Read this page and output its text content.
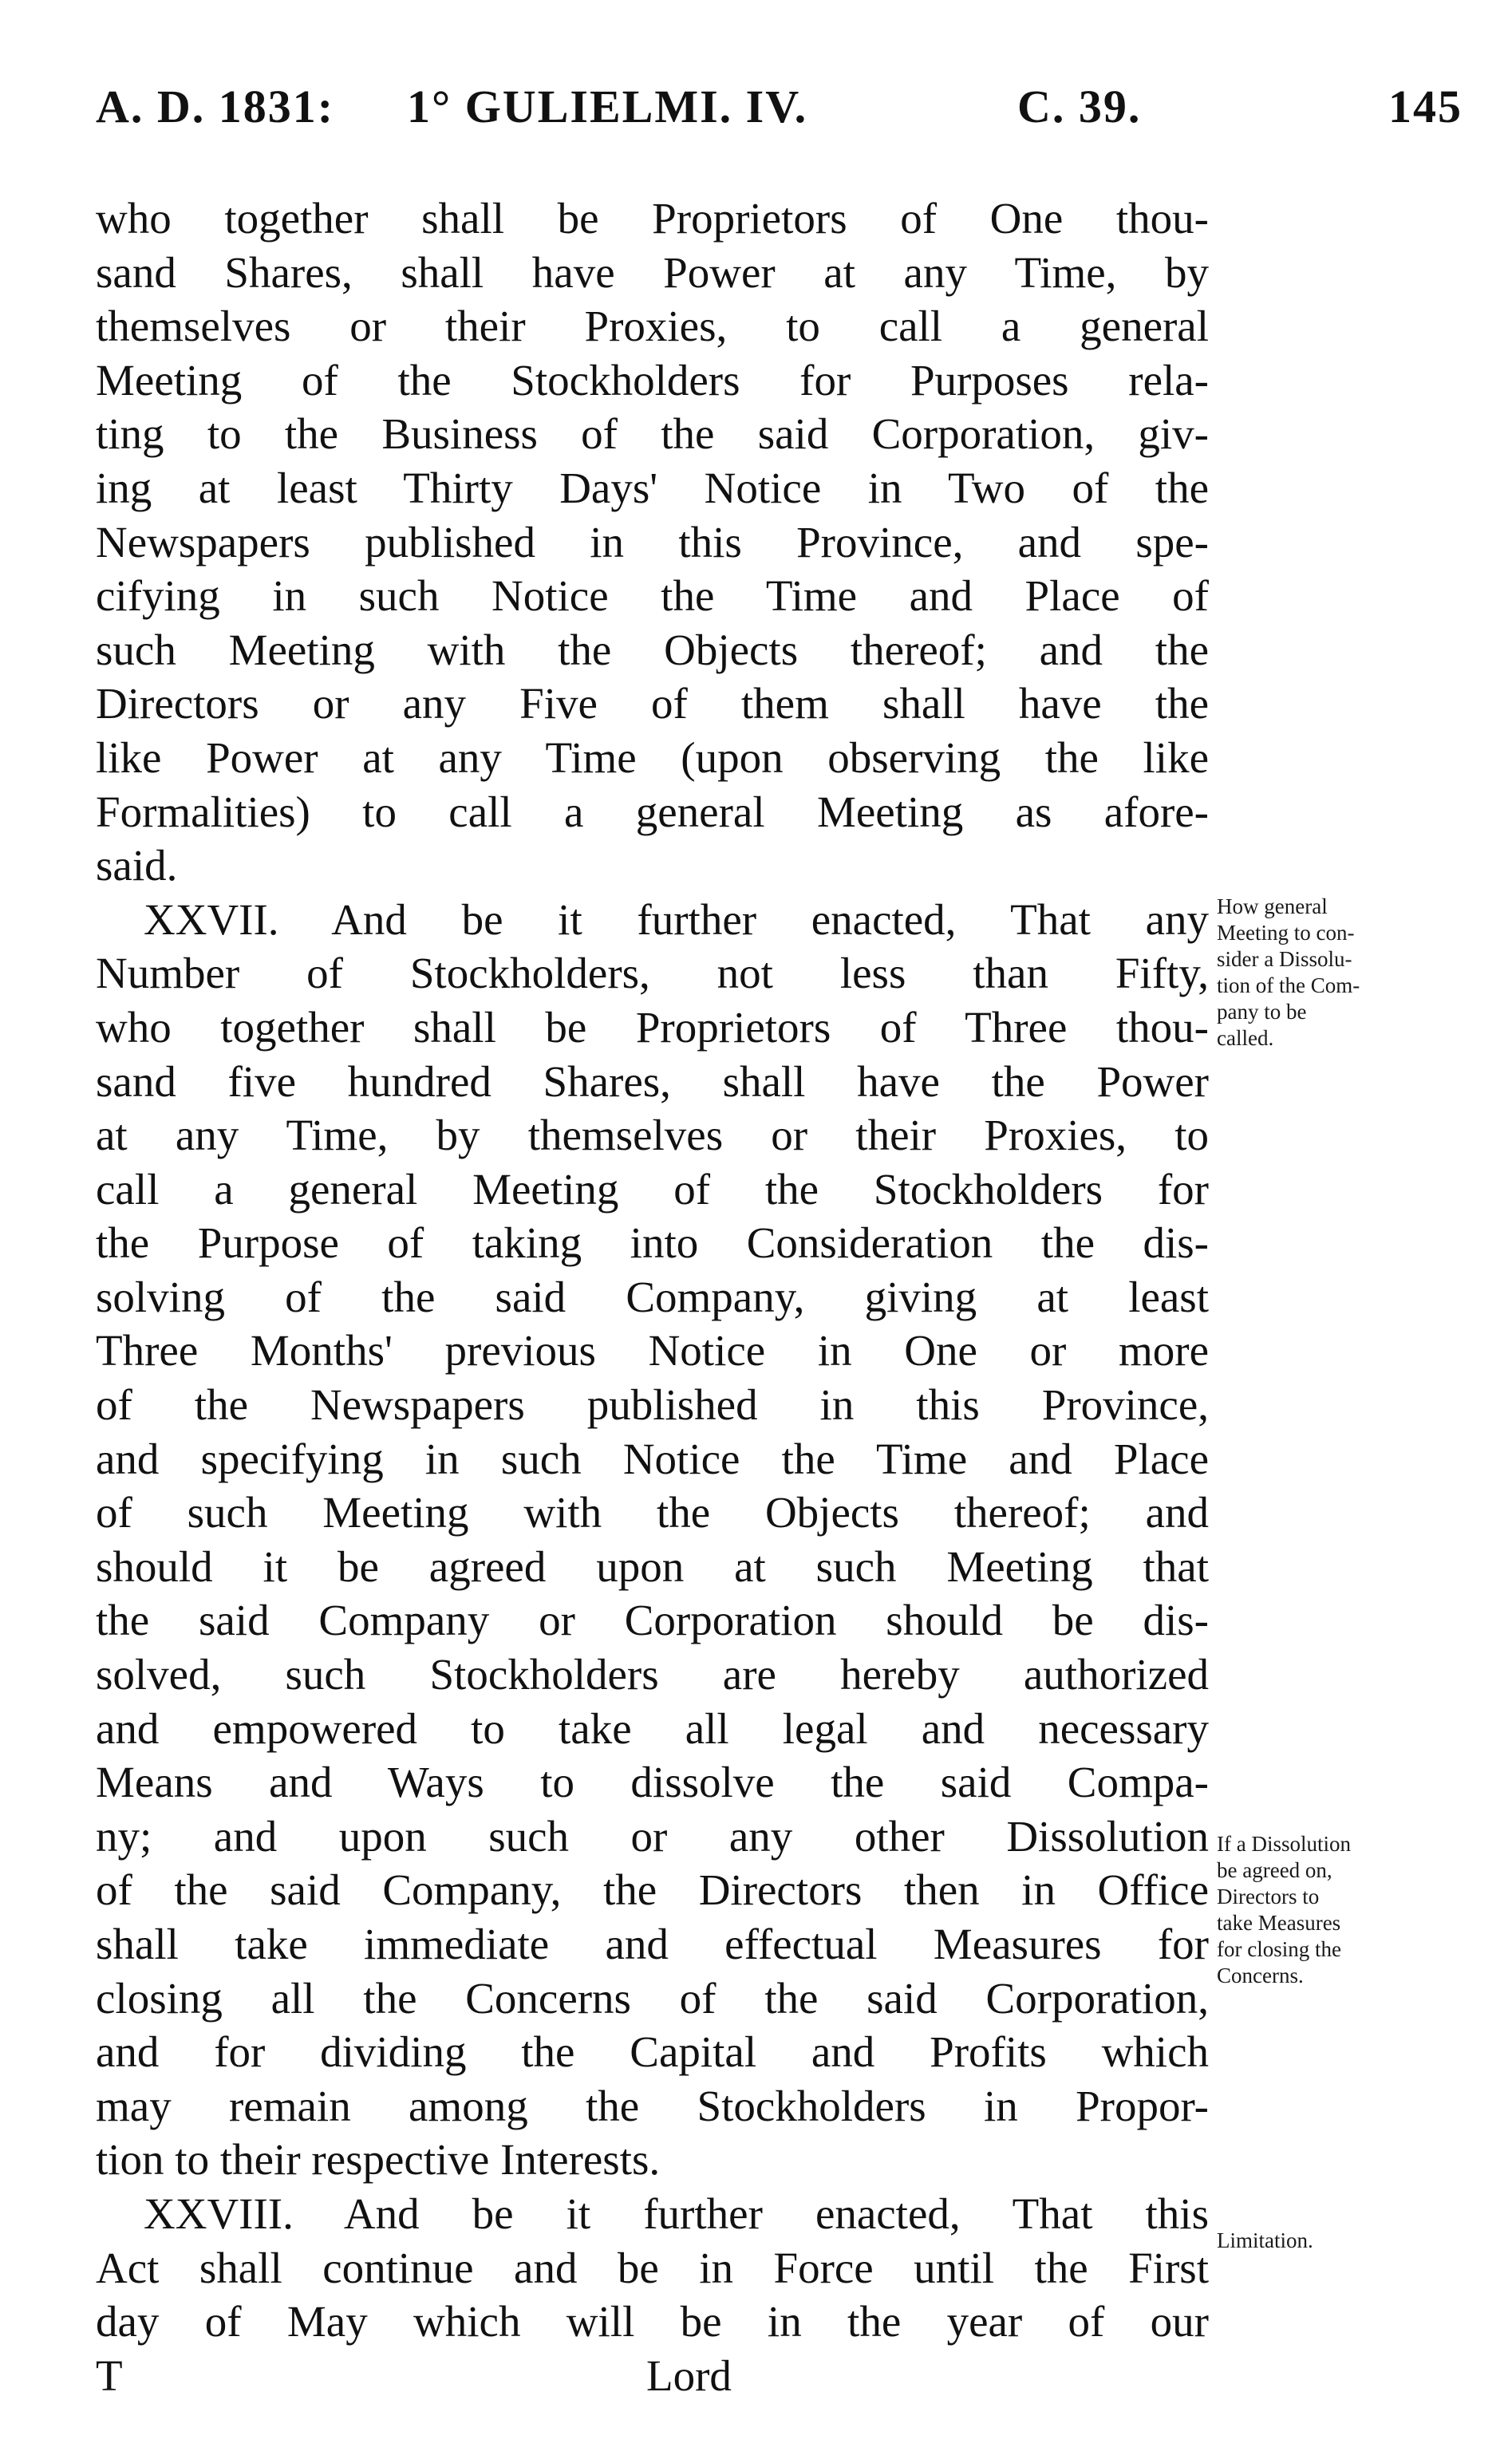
A. D. 1831: 1° GULIELMI. IV.	C. 39.	145
who together shall be Proprietors of One thou-
sand Shares, shall have Power at any Time, by
themselves or their Proxies, to call a general
Meeting of the Stockholders for Purposes rela-
ting to the Business of the said Corporation, giv-
ing at least Thirty Days' Notice in Two of the
Newspapers published in this Province, and spe-
cifying in such Notice the Time and Place of
such Meeting with the Objects thereof; and the
Directors or any Five of them shall have the
like Power at any Time (upon observing the like
Formalities) to call a general Meeting as afore-
said.
XXVII. And be it further enacted, That any
Number of Stockholders, not less than Fifty,
who together shall be Proprietors of Three thou-
sand five hundred Shares, shall have the Power
at any Time, by themselves or their Proxies, to
call a general Meeting of the Stockholders for
the Purpose of taking into Consideration the dis-
solving of the said Company, giving at least
Three Months' previous Notice in One or more
of the Newspapers published in this Province,
and specifying in such Notice the Time and Place
of such Meeting with the Objects thereof; and
should it be agreed upon at such Meeting that
the said Company or Corporation should be dis-
solved, such Stockholders are hereby authorized
and empowered to take all legal and necessary
Means and Ways to dissolve the said Compa-
ny; and upon such or any other Dissolution
of the said Company, the Directors then in Office
shall take immediate and effectual Measures for
closing all the Concerns of the said Corporation,
and for dividing the Capital and Profits which
may remain among the Stockholders in Propor-
tion to their respective Interests.
XXVIII. And be it further enacted, That this
Act shall continue and be in Force until the First
day of May which will be in the year of our
T	Lord
How general
Meeting to con-
sider a Dissolu-
tion of the Com-
pany to be
called.
If a Dissolution
be agreed on,
Directors to
take Measures
for closing the
Concerns.
Limitation.
